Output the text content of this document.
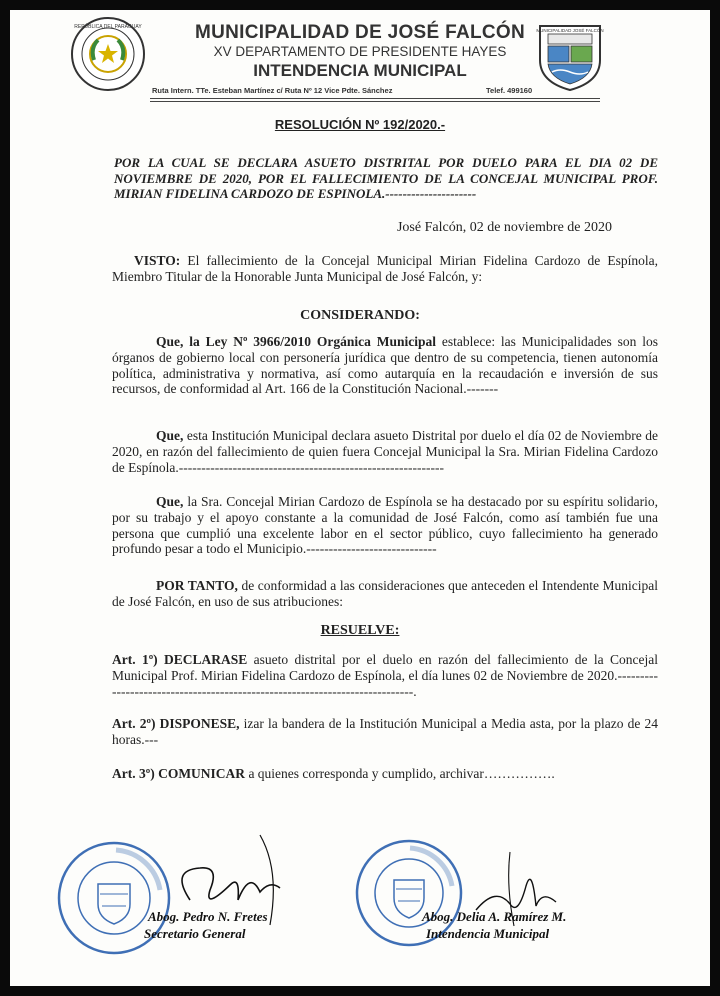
REPÚBLICA DEL PARAGUAY	MUNICIPALIDAD DE JOSÉ FALCÓN
XV DEPARTAMENTO DE PRESIDENTE HAYES
INTENDENCIA MUNICIPAL
Ruta Intern. TTe. Esteban Martínez c/ Ruta Nº 12 Vice Pdte. Sánchez	Telef. 499160
MUNICIPALIDAD JOSÉ FALCÓN
RESOLUCIÓN Nº 192/2020.-
POR LA CUAL SE DECLARA ASUETO DISTRITAL POR DUELO PARA EL DIA 02 DE NOVIEMBRE DE 2020, POR EL FALLECIMIENTO DE LA CONCEJAL MUNICIPAL PROF. MIRIAN FIDELINA CARDOZO DE ESPINOLA.---------------------
José Falcón, 02 de noviembre de 2020
VISTO: El fallecimiento de la Concejal Municipal Mirian Fidelina Cardozo de Espínola, Miembro Titular de la Honorable Junta Municipal de José Falcón, y:
CONSIDERANDO:
Que, la Ley Nº 3966/2010 Orgánica Municipal establece: las Municipalidades son los órganos de gobierno local con personería jurídica que dentro de su competencia, tienen autonomía política, administrativa y normativa, así como autarquía en la recaudación e inversión de sus recursos, de conformidad al Art. 166 de la Constitución Nacional.-------
Que, esta Institución Municipal declara asueto Distrital por duelo el día 02 de Noviembre de 2020, en razón del fallecimiento de quien fuera Concejal Municipal la Sra. Mirian Fidelina Cardozo de Espínola.-----------------------------------------------------------
Que, la Sra. Concejal Mirian Cardozo de Espínola se ha destacado por su espíritu solidario, por su trabajo y el apoyo constante a la comunidad de José Falcón, como así también fue una persona que cumplió una excelente labor en el sector público, cuyo fallecimiento ha generado profundo pesar a todo el Municipio.-----------------------------
POR TANTO, de conformidad a las consideraciones que anteceden el Intendente Municipal de José Falcón, en uso de sus atribuciones:
RESUELVE:
Art. 1º) DECLARASE asueto distrital por el duelo en razón del fallecimiento de la Concejal Municipal Prof. Mirian Fidelina Cardozo de Espínola, el día lunes 02 de Noviembre de 2020.----------------------------------------------------------------------------.
Art. 2º) DISPONESE, izar la bandera de la Institución Municipal a Media asta, por la plazo de 24 horas.---
Art. 3º) COMUNICAR a quienes corresponda y cumplido, archivar…………….
Abog. Pedro N. Fretes
Secretario General
Abog. Delia A. Ramírez M.
Intendencia Municipal
